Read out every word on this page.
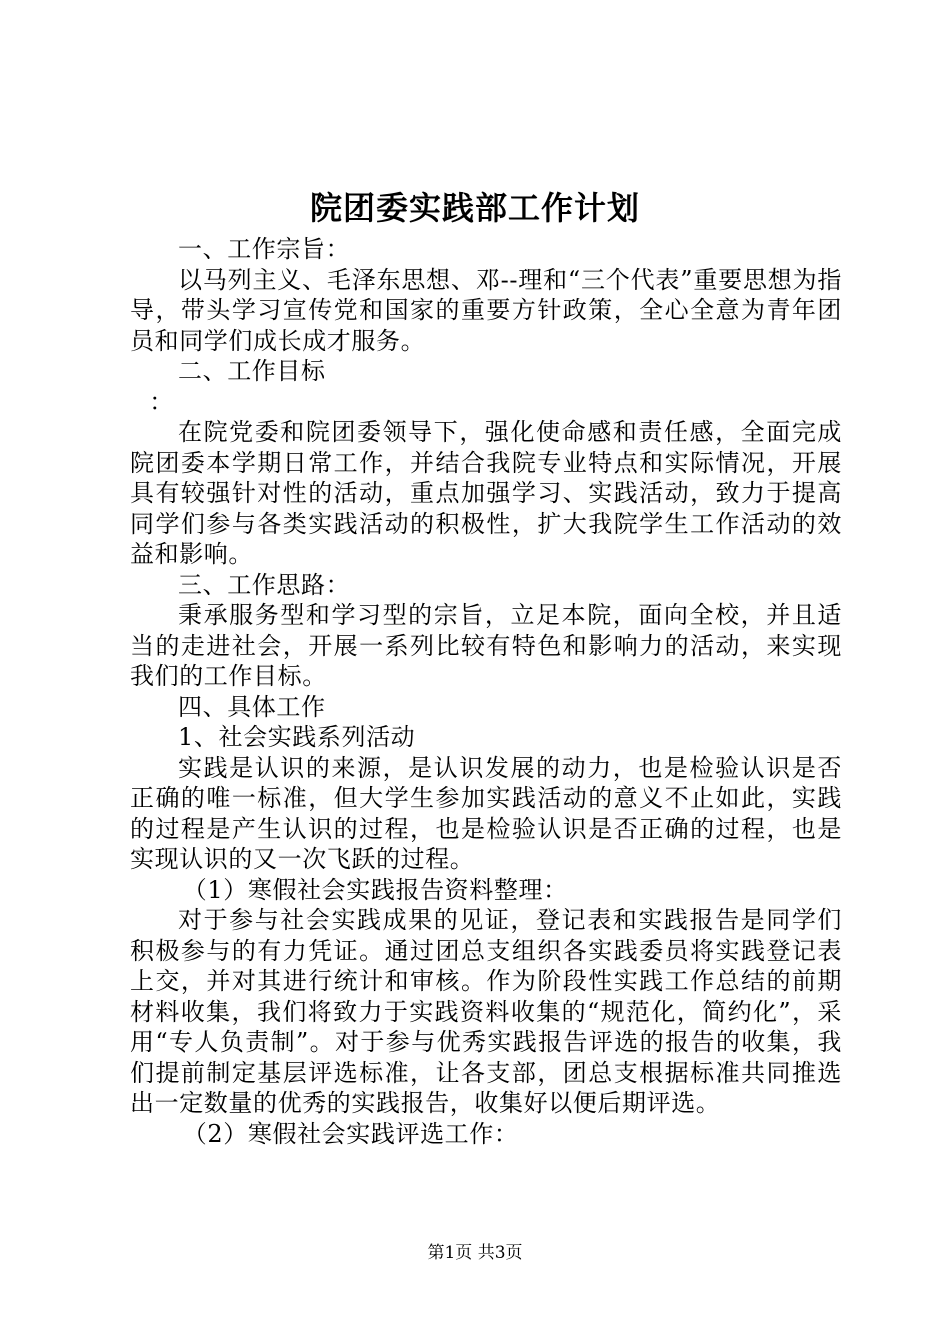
院团委实践部工作计划

一、工作宗旨：

以马列主义、毛泽东思想、邓--理和“三个代表”重要思想为指导，带头学习宣传党和国家的重要方针政策，全心全意为青年团员和同学们成长成才服务。

二、工作目标

：

在院党委和院团委领导下，强化使命感和责任感，全面完成院团委本学期日常工作，并结合我院专业特点和实际情况，开展具有较强针对性的活动，重点加强学习、实践活动，致力于提高同学们参与各类实践活动的积极性，扩大我院学生工作活动的效益和影响。

三、工作思路：

秉承服务型和学习型的宗旨，立足本院，面向全校，并且适当的走进社会，开展一系列比较有特色和影响力的活动，来实现我们的工作目标。

四、具体工作

1、社会实践系列活动

实践是认识的来源，是认识发展的动力，也是检验认识是否正确的唯一标准，但大学生参加实践活动的意义不止如此，实践的过程是产生认识的过程，也是检验认识是否正确的过程，也是实现认识的又一次飞跃的过程。

（1）寒假社会实践报告资料整理：

对于参与社会实践成果的见证，登记表和实践报告是同学们积极参与的有力凭证。通过团总支组织各实践委员将实践登记表上交，并对其进行统计和审核。作为阶段性实践工作总结的前期材料收集，我们将致力于实践资料收集的“规范化，简约化”，采用“专人负责制”。对于参与优秀实践报告评选的报告的收集，我们提前制定基层评选标准，让各支部，团总支根据标准共同推选出一定数量的优秀的实践报告，收集好以便后期评选。

（2）寒假社会实践评选工作：

第1页 共3页
